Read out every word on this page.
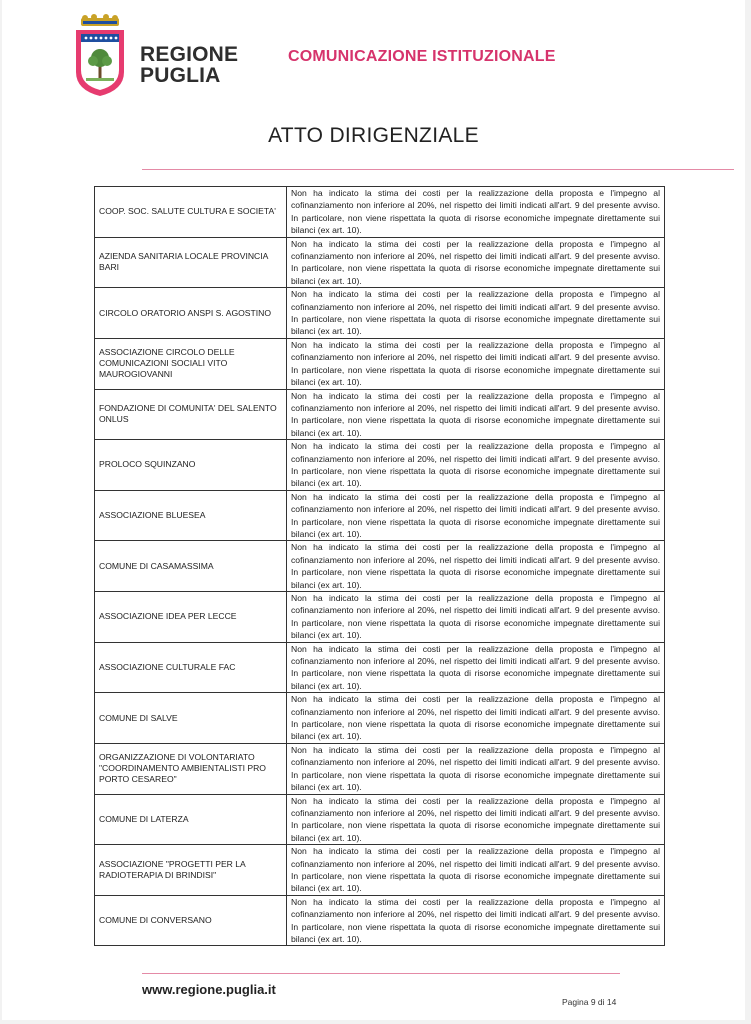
REGIONE
PUGLIA
COMUNICAZIONE ISTITUZIONALE
ATTO DIRIGENZIALE
COOP. SOC. SALUTE CULTURA E SOCIETA'	Non ha indicato la stima dei costi per la realizzazione della proposta e l'impegno al cofinanziamento non inferiore al 20%, nel rispetto dei limiti indicati all'art. 9 del presente avviso. In particolare, non viene rispettata la quota di risorse economiche impegnate direttamente sui bilanci (ex art. 10).
AZIENDA SANITARIA LOCALE PROVINCIA BARI	Non ha indicato la stima dei costi per la realizzazione della proposta e l'impegno al cofinanziamento non inferiore al 20%, nel rispetto dei limiti indicati all'art. 9 del presente avviso. In particolare, non viene rispettata la quota di risorse economiche impegnate direttamente sui bilanci (ex art. 10).
CIRCOLO ORATORIO ANSPI S. AGOSTINO	Non ha indicato la stima dei costi per la realizzazione della proposta e l'impegno al cofinanziamento non inferiore al 20%, nel rispetto dei limiti indicati all'art. 9 del presente avviso. In particolare, non viene rispettata la quota di risorse economiche impegnate direttamente sui bilanci (ex art. 10).
ASSOCIAZIONE CIRCOLO DELLE COMUNICAZIONI SOCIALI VITO MAUROGIOVANNI	Non ha indicato la stima dei costi per la realizzazione della proposta e l'impegno al cofinanziamento non inferiore al 20%, nel rispetto dei limiti indicati all'art. 9 del presente avviso. In particolare, non viene rispettata la quota di risorse economiche impegnate direttamente sui bilanci (ex art. 10).
FONDAZIONE DI COMUNITA' DEL SALENTO ONLUS	Non ha indicato la stima dei costi per la realizzazione della proposta e l'impegno al cofinanziamento non inferiore al 20%, nel rispetto dei limiti indicati all'art. 9 del presente avviso. In particolare, non viene rispettata la quota di risorse economiche impegnate direttamente sui bilanci (ex art. 10).
PROLOCO SQUINZANO	Non ha indicato la stima dei costi per la realizzazione della proposta e l'impegno al cofinanziamento non inferiore al 20%, nel rispetto dei limiti indicati all'art. 9 del presente avviso. In particolare, non viene rispettata la quota di risorse economiche impegnate direttamente sui bilanci (ex art. 10).
ASSOCIAZIONE BLUESEA	Non ha indicato la stima dei costi per la realizzazione della proposta e l'impegno al cofinanziamento non inferiore al 20%, nel rispetto dei limiti indicati all'art. 9 del presente avviso. In particolare, non viene rispettata la quota di risorse economiche impegnate direttamente sui bilanci (ex art. 10).
COMUNE DI CASAMASSIMA	Non ha indicato la stima dei costi per la realizzazione della proposta e l'impegno al cofinanziamento non inferiore al 20%, nel rispetto dei limiti indicati all'art. 9 del presente avviso. In particolare, non viene rispettata la quota di risorse economiche impegnate direttamente sui bilanci (ex art. 10).
ASSOCIAZIONE IDEA PER LECCE	Non ha indicato la stima dei costi per la realizzazione della proposta e l'impegno al cofinanziamento non inferiore al 20%, nel rispetto dei limiti indicati all'art. 9 del presente avviso. In particolare, non viene rispettata la quota di risorse economiche impegnate direttamente sui bilanci (ex art. 10).
ASSOCIAZIONE CULTURALE FAC	Non ha indicato la stima dei costi per la realizzazione della proposta e l'impegno al cofinanziamento non inferiore al 20%, nel rispetto dei limiti indicati all'art. 9 del presente avviso. In particolare, non viene rispettata la quota di risorse economiche impegnate direttamente sui bilanci (ex art. 10).
COMUNE DI SALVE	Non ha indicato la stima dei costi per la realizzazione della proposta e l'impegno al cofinanziamento non inferiore al 20%, nel rispetto dei limiti indicati all'art. 9 del presente avviso. In particolare, non viene rispettata la quota di risorse economiche impegnate direttamente sui bilanci (ex art. 10).
ORGANIZZAZIONE DI VOLONTARIATO "COORDINAMENTO AMBIENTALISTI PRO PORTO CESAREO"	Non ha indicato la stima dei costi per la realizzazione della proposta e l'impegno al cofinanziamento non inferiore al 20%, nel rispetto dei limiti indicati all'art. 9 del presente avviso. In particolare, non viene rispettata la quota di risorse economiche impegnate direttamente sui bilanci (ex art. 10).
COMUNE DI LATERZA	Non ha indicato la stima dei costi per la realizzazione della proposta e l'impegno al cofinanziamento non inferiore al 20%, nel rispetto dei limiti indicati all'art. 9 del presente avviso. In particolare, non viene rispettata la quota di risorse economiche impegnate direttamente sui bilanci (ex art. 10).
ASSOCIAZIONE "PROGETTI PER LA RADIOTERAPIA DI BRINDISI"	Non ha indicato la stima dei costi per la realizzazione della proposta e l'impegno al cofinanziamento non inferiore al 20%, nel rispetto dei limiti indicati all'art. 9 del presente avviso. In particolare, non viene rispettata la quota di risorse economiche impegnate direttamente sui bilanci (ex art. 10).
COMUNE DI CONVERSANO	Non ha indicato la stima dei costi per la realizzazione della proposta e l'impegno al cofinanziamento non inferiore al 20%, nel rispetto dei limiti indicati all'art. 9 del presente avviso. In particolare, non viene rispettata la quota di risorse economiche impegnate direttamente sui bilanci (ex art. 10).
www.regione.puglia.it
Pagina 9 di 14
